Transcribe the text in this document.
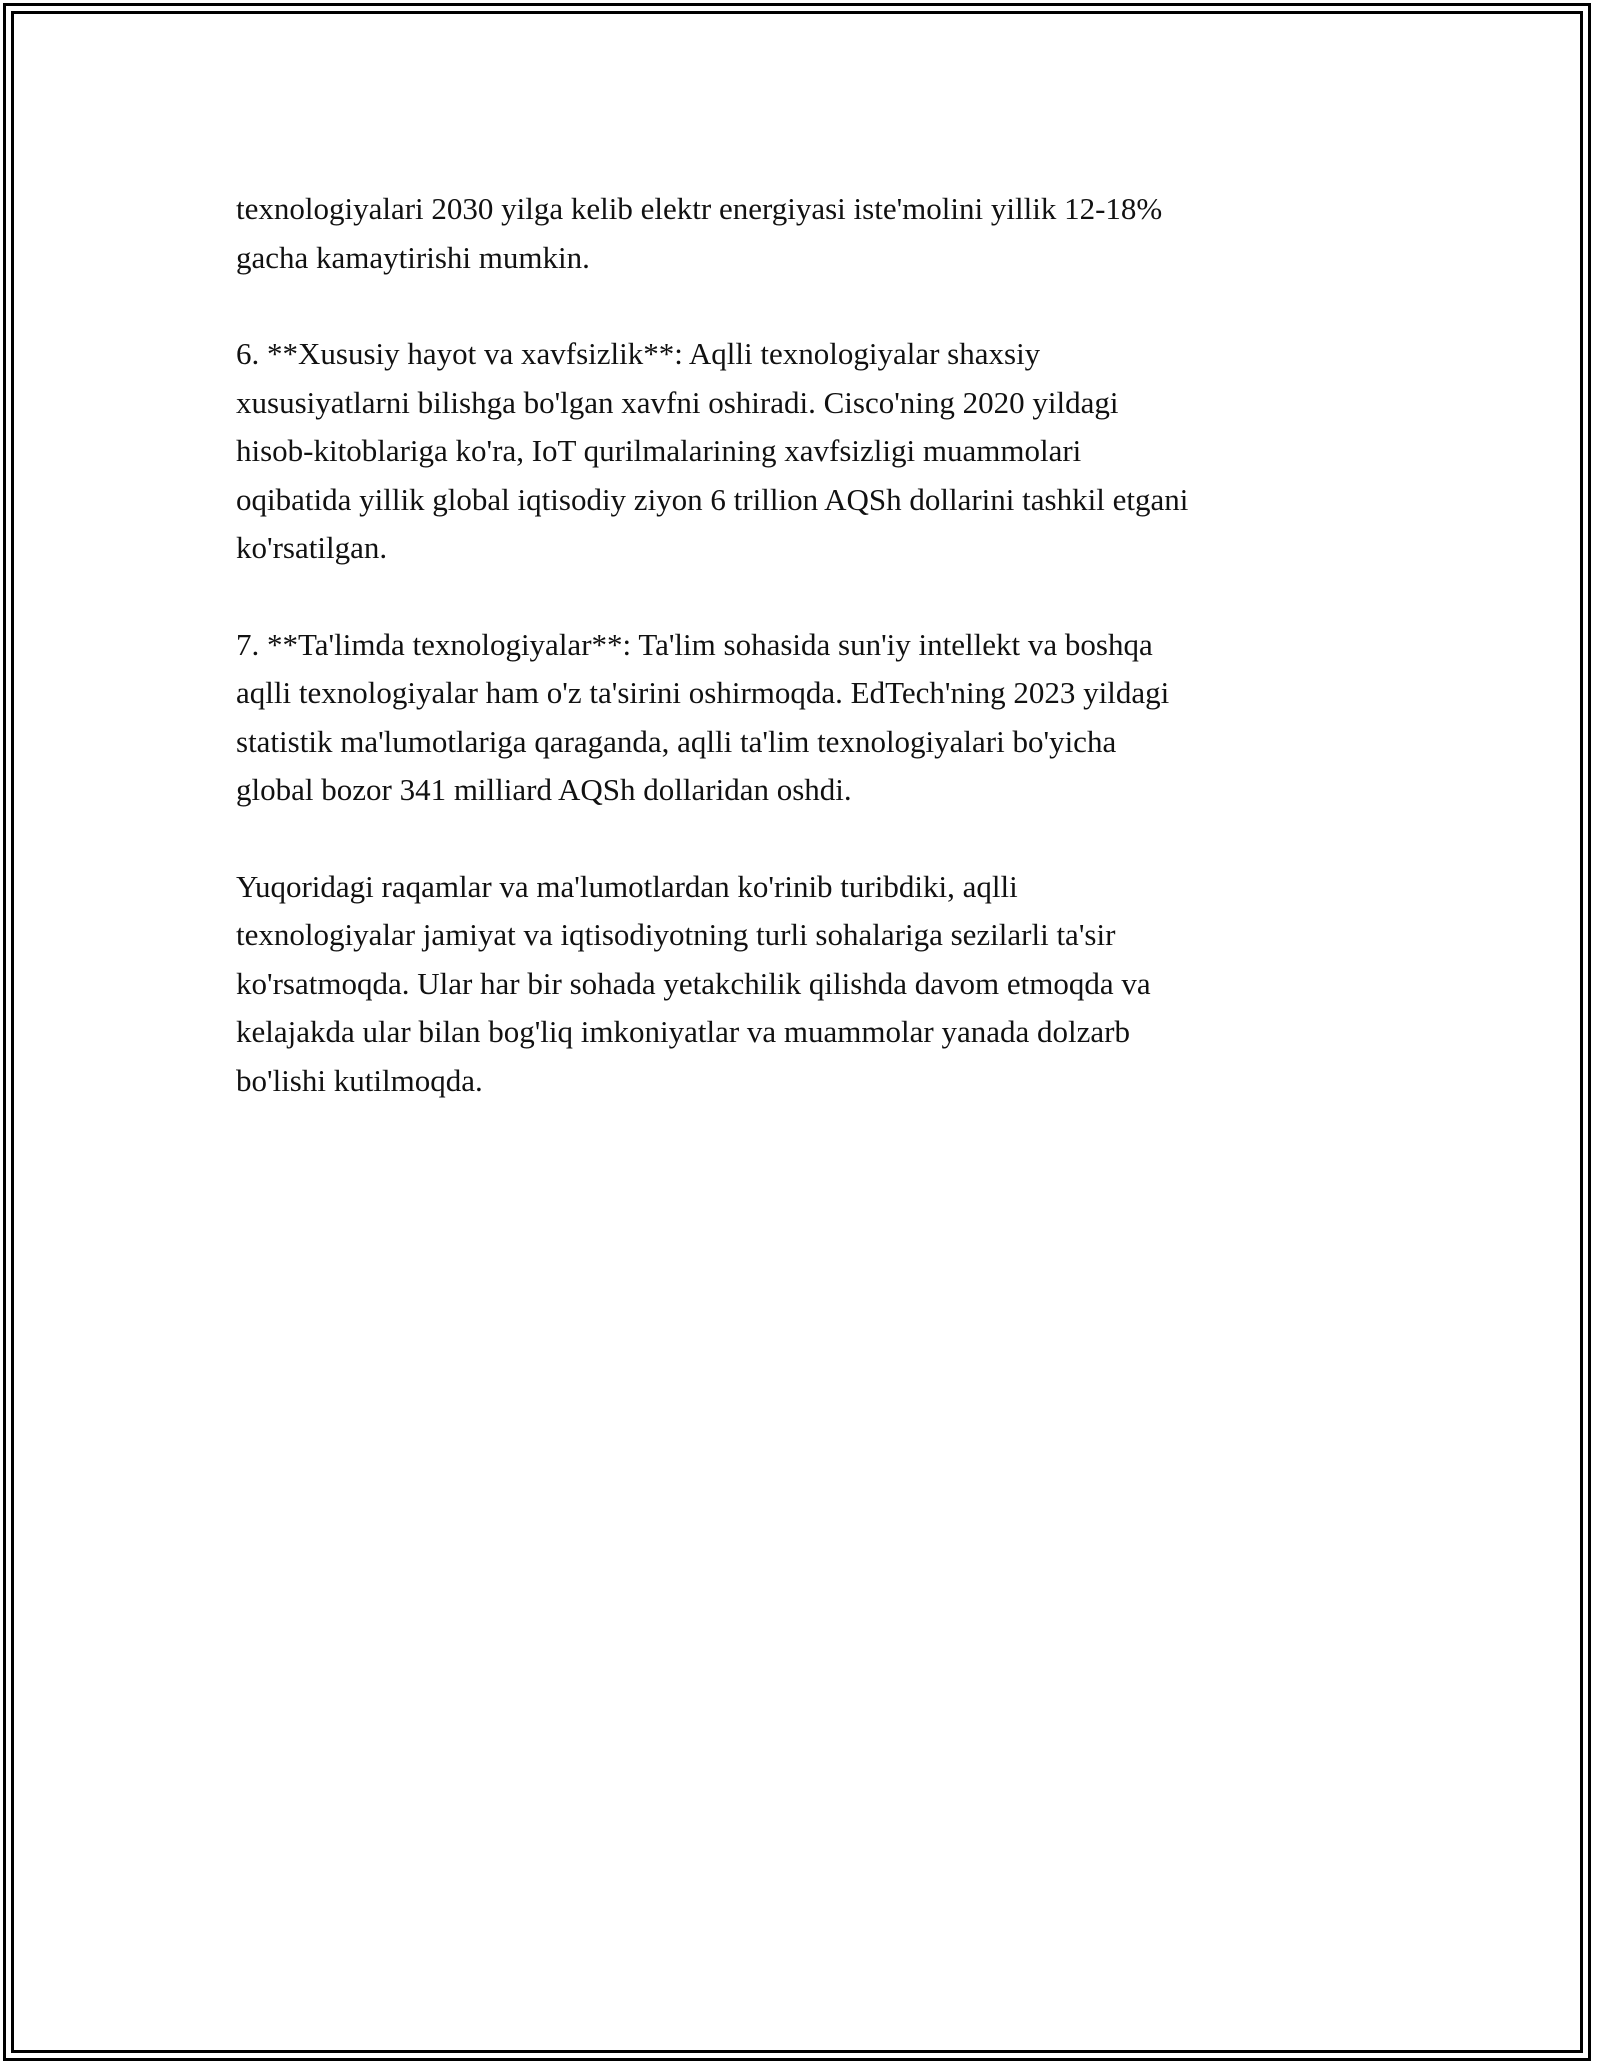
texnologiyalari 2030 yilga kelib elektr energiyasi iste'molini yillik 12-18%
gacha kamaytirishi mumkin.

6. **Xususiy hayot va xavfsizlik**: Aqlli texnologiyalar shaxsiy
xususiyatlarni bilishga bo'lgan xavfni oshiradi. Cisco'ning 2020 yildagi
hisob-kitoblariga ko'ra, IoT qurilmalarining xavfsizligi muammolari
oqibatida yillik global iqtisodiy ziyon 6 trillion AQSh dollarini tashkil etgani
ko'rsatilgan.

7. **Ta'limda texnologiyalar**: Ta'lim sohasida sun'iy intellekt va boshqa
aqlli texnologiyalar ham o'z ta'sirini oshirmoqda. EdTech'ning 2023 yildagi
statistik ma'lumotlariga qaraganda, aqlli ta'lim texnologiyalari bo'yicha
global bozor 341 milliard AQSh dollaridan oshdi.

Yuqoridagi raqamlar va ma'lumotlardan ko'rinib turibdiki, aqlli
texnologiyalar jamiyat va iqtisodiyotning turli sohalariga sezilarli ta'sir
ko'rsatmoqda. Ular har bir sohada yetakchilik qilishda davom etmoqda va
kelajakda ular bilan bog'liq imkoniyatlar va muammolar yanada dolzarb
bo'lishi kutilmoqda.
